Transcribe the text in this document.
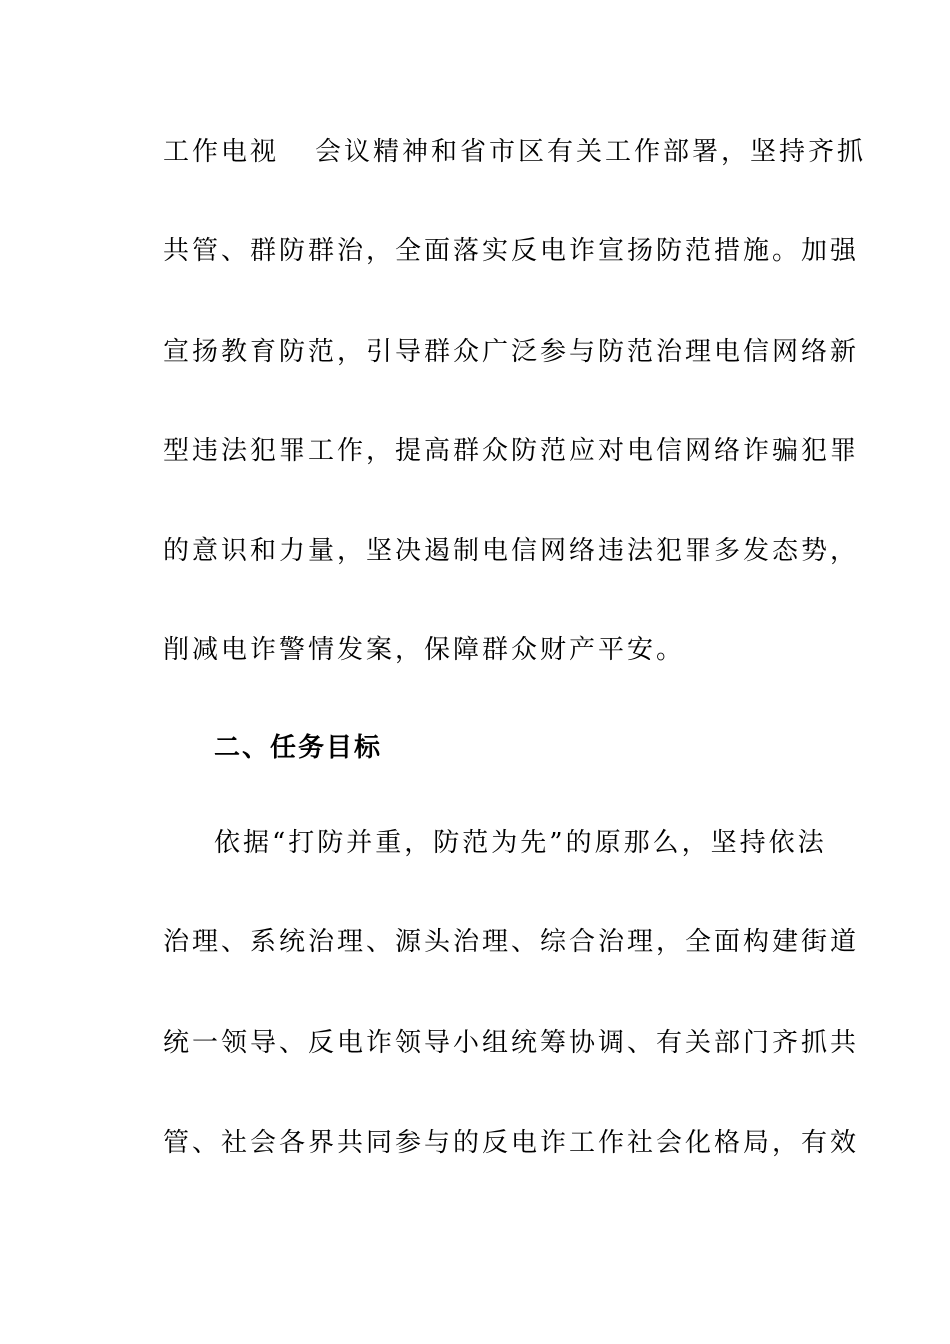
工作电视 会议精神和省市区有关工作部署，坚持齐抓
共管、群防群治，全面落实反电诈宣扬防范措施。加强
宣扬教育防范，引导群众广泛参与防范治理电信网络新
型违法犯罪工作，提高群众防范应对电信网络诈骗犯罪
的意识和力量，坚决遏制电信网络违法犯罪多发态势，
削减电诈警情发案，保障群众财产平安。
二、任务目标
依据“打防并重，防范为先”的原那么，坚持依法
治理、系统治理、源头治理、综合治理，全面构建街道
统一领导、反电诈领导小组统筹协调、有关部门齐抓共
管、社会各界共同参与的反电诈工作社会化格局，有效
